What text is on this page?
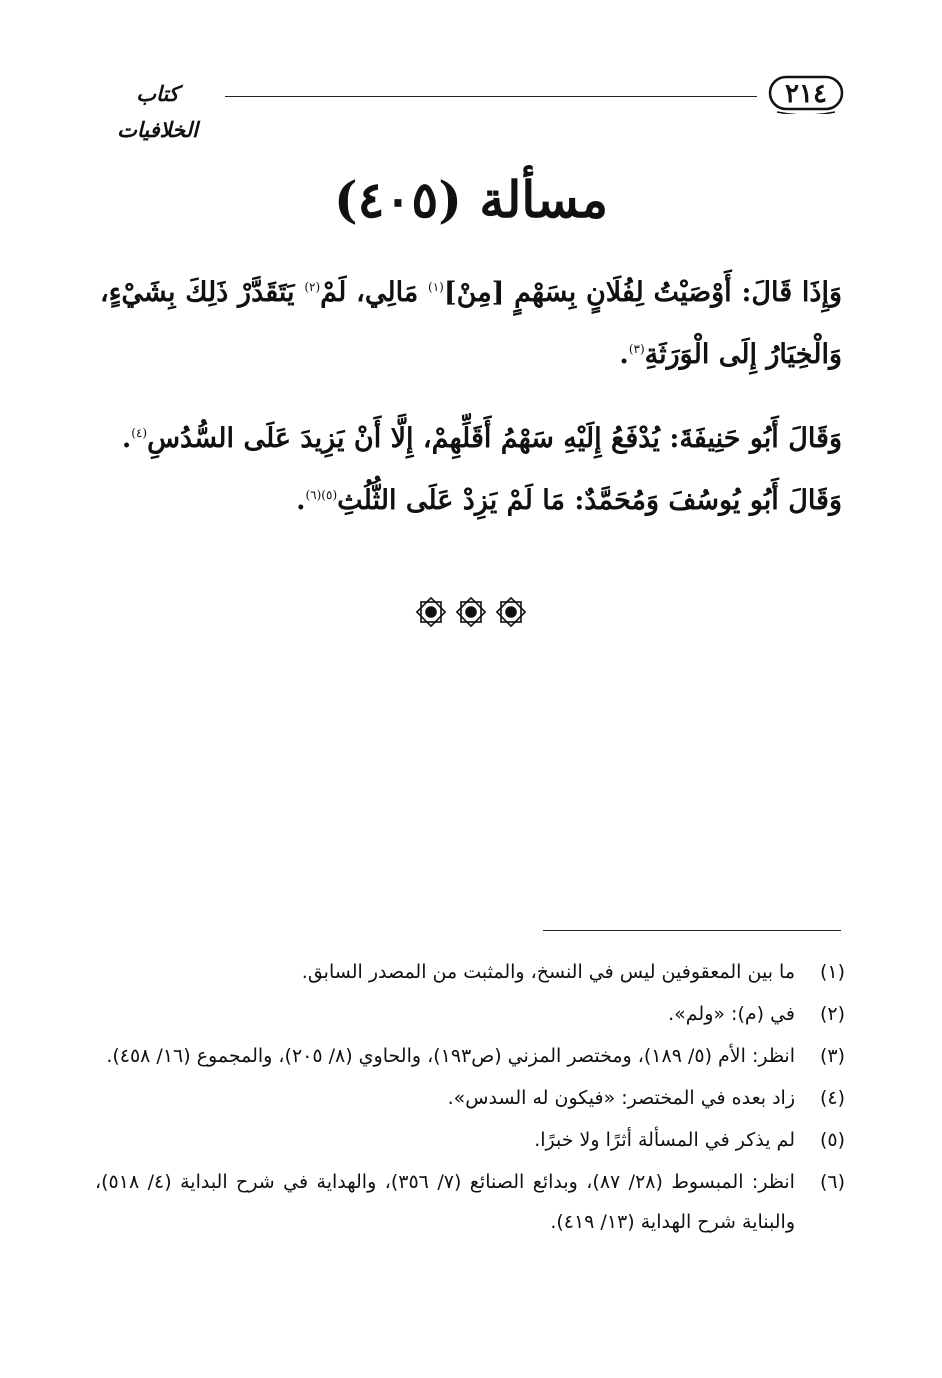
٢١٤
كتاب الخلافيات
مسألة (٤٠٥)
وَإِذَا قَالَ: أَوْصَيْتُ لِفُلَانٍ بِسَهْمٍ [مِنْ]$^{(١)}$ مَالِي، لَمْ$^{(٢)}$ يَتَقَدَّرْ ذَلِكَ بِشَيْءٍ، وَالْخِيَارُ إِلَى الْوَرَثَةِ$^{(٣)}$.
وَقَالَ أَبُو حَنِيفَةَ: يُدْفَعُ إِلَيْهِ سَهْمُ أَقَلِّهِمْ، إِلَّا أَنْ يَزِيدَ عَلَى السُّدُسِ$^{(٤)}$.
وَقَالَ أَبُو يُوسُفَ وَمُحَمَّدٌ: مَا لَمْ يَزِدْ عَلَى الثُّلُثِ$^{(٥)(٦)}$.
(١)
ما بين المعقوفين ليس في النسخ، والمثبت من المصدر السابق.
(٢)
في (م): «ولم».
(٣)
انظر: الأم (٥/ ١٨٩)، ومختصر المزني (ص١٩٣)، والحاوي (٨/ ٢٠٥)، والمجموع (١٦/ ٤٥٨).
(٤)
زاد بعده في المختصر: «فيكون له السدس».
(٥)
لم يذكر في المسألة أثرًا ولا خبرًا.
(٦)
انظر: المبسوط (٢٨/ ٨٧)، وبدائع الصنائع (٧/ ٣٥٦)، والهداية في شرح البداية (٤/ ٥١٨)، والبناية شرح الهداية (١٣/ ٤١٩).
